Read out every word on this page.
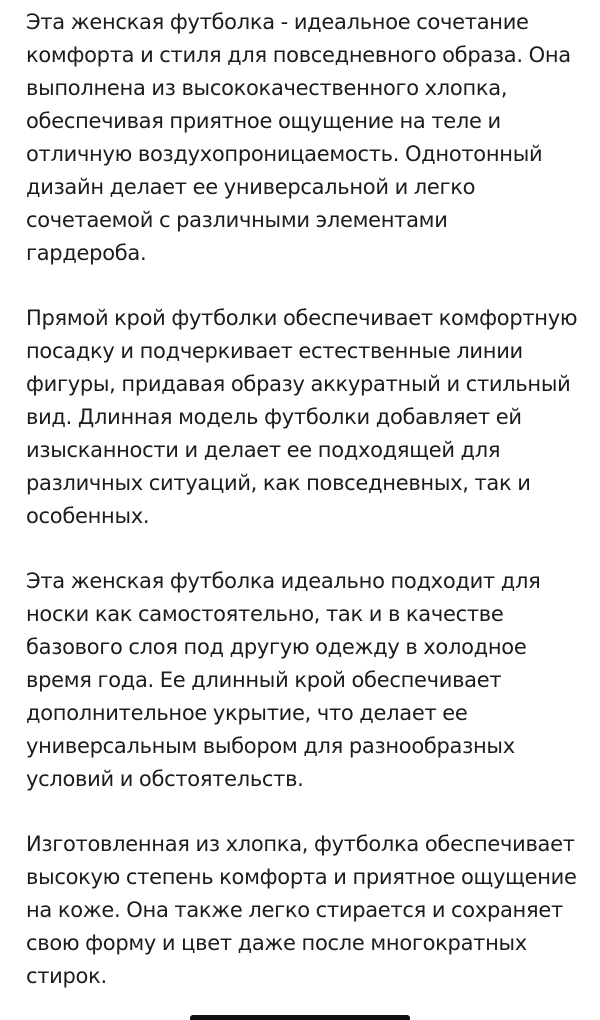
Эта женская футболка - идеальное сочетание
комфорта и стиля для повседневного образа. Она
выполнена из высококачественного хлопка,
обеспечивая приятное ощущение на теле и
отличную воздухопроницаемость. Однотонный
дизайн делает ее универсальной и легко
сочетаемой с различными элементами
гардероба.

Прямой крой футболки обеспечивает комфортную
посадку и подчеркивает естественные линии
фигуры, придавая образу аккуратный и стильный
вид. Длинная модель футболки добавляет ей
изысканности и делает ее подходящей для
различных ситуаций, как повседневных, так и
особенных.

Эта женская футболка идеально подходит для
носки как самостоятельно, так и в качестве
базового слоя под другую одежду в холодное
время года. Ее длинный крой обеспечивает
дополнительное укрытие, что делает ее
универсальным выбором для разнообразных
условий и обстоятельств.

Изготовленная из хлопка, футболка обеспечивает
высокую степень комфорта и приятное ощущение
на коже. Она также легко стирается и сохраняет
свою форму и цвет даже после многократных
стирок.
